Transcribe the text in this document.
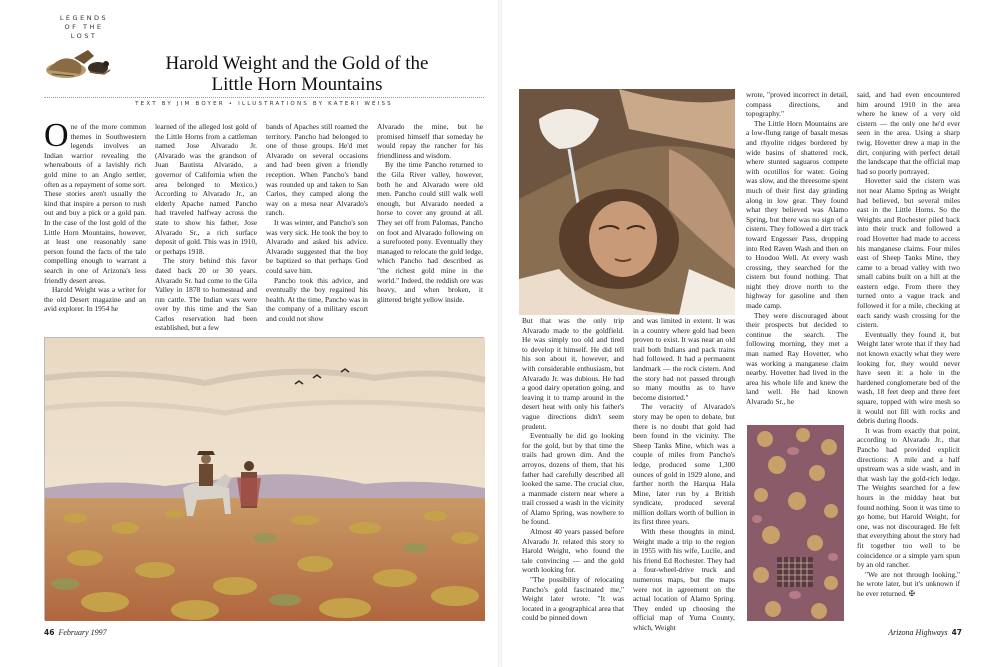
LEGENDS
OF THE
LOST
Harold Weight and the Gold of the Little Horn Mountains
TEXT BY JIM BOYER • ILLUSTRATIONS BY KATERI WEISS

One of the more common themes in Southwestern legends involves an Indian warrior revealing the whereabouts of a lavishly rich gold mine to an Anglo settler, often as a repayment of some sort. These stories aren't usually the kind that inspire a person to rush out and buy a pick or a gold pan. In the case of the lost gold of the Little Horn Mountains, however, at least one reasonably sane person found the facts of the tale compelling enough to warrant a search in one of Arizona's less friendly desert areas.

Harold Weight was a writer for the old Desert magazine and an avid explorer. In 1954 he

learned of the alleged lost gold of the Little Horns from a cattleman named Jose Alvarado Jr. (Alvarado was the grandson of Juan Bautista Alvarado, a governor of California when the area belonged to Mexico.) According to Alvarado Jr., an elderly Apache named Pancho had traveled halfway across the state to show his father, Jose Alvarado Sr., a rich surface deposit of gold. This was in 1910, or perhaps 1918.

The story behind this favor dated back 20 or 30 years. Alvarado Sr. had come to the Gila Valley in 1878 to homestead and run cattle. The Indian wars were over by this time and the San Carlos reservation had been established, but a few

bands of Apaches still roamed the territory. Pancho had belonged to one of those groups. He'd met Alvarado on several occasions and had been given a friendly reception. When Pancho's band was rounded up and taken to San Carlos, they camped along the way on a mesa near Alvarado's ranch.

It was winter, and Pancho's son was very sick. He took the boy to Alvarado and asked his advice. Alvarado suggested that the boy be baptized so that perhaps God could save him.

Pancho took this advice, and eventually the boy regained his health. At the time, Pancho was in the company of a military escort and could not show

Alvarado the mine, but he promised himself that someday he would repay the rancher for his friendliness and wisdom.

By the time Pancho returned to the Gila River valley, however, both he and Alvarado were old men. Pancho could still walk well enough, but Alvarado needed a horse to cover any ground at all. They set off from Palomas, Pancho on foot and Alvarado following on a surefooted pony. Eventually they managed to relocate the gold ledge, which Pancho had described as "the richest gold mine in the world." Indeed, the reddish ore was heavy, and when broken, it glittered bright yellow inside.

46 February 1997

But that was the only trip Alvarado made to the goldfield. He was simply too old and tired to develop it himself. He did tell his son about it, however, and with considerable enthusiasm, but Alvarado Jr. was dubious. He had a good dairy operation going, and leaving it to tramp around in the desert heat with only his father's vague directions didn't seem prudent.

Eventually he did go looking for the gold, but by that time the trails had grown dim. And the arroyos, dozens of them, that his father had carefully described all looked the same. The crucial clue, a manmade cistern near where a trail crossed a wash in the vicinity of Alamo Spring, was nowhere to be found.

Almost 40 years passed before Alvarado Jr. related this story to Harold Weight, who found the tale convincing — and the gold worth looking for.

"The possibility of relocating Pancho's gold fascinated me," Weight later wrote. "It was located in a geographical area that could be pinned down

and was limited in extent. It was in a country where gold had been proven to exist. It was near an old trail both Indians and pack trains had followed. It had a permanent landmark — the rock cistern. And the story had not passed through so many mouths as to have become distorted."

The veracity of Alvarado's story may be open to debate, but there is no doubt that gold had been found in the vicinity. The Sheep Tanks Mine, which was a couple of miles from Pancho's ledge, produced some 1,300 ounces of gold in 1929 alone, and farther north the Harqua Hala Mine, later run by a British syndicate, produced several million dollars worth of bullion in its first three years.

With these thoughts in mind, Weight made a trip to the region in 1955 with his wife, Lucile, and his friend Ed Rochester. They had a four-wheel-drive truck and numerous maps, but the maps were not in agreement on the actual location of Alamo Spring. They ended up choosing the official map of Yuma County, which, Weight

wrote, "proved incorrect in detail, compass directions, and topography."

The Little Horn Mountains are a low-flung range of basalt mesas and rhyolite ridges bordered by wide basins of shattered rock, where stunted saguaros compete with ocotillos for water. Going was slow, and the threesome spent much of their first day grinding along in low gear. They found what they believed was Alamo Spring, but there was no sign of a cistern. They followed a dirt track toward Engesser Pass, dropping into Red Raven Wash and then on to Hoodoo Well. At every wash crossing, they searched for the cistern but found nothing. That night they drove north to the highway for gasoline and then made camp.

They were discouraged about their prospects but decided to continue the search. The following morning, they met a man named Ray Hovetter, who was working a manganese claim nearby. Hovetter had lived in the area his whole life and knew the land well. He had known Alvarado Sr., he

said, and had even encountered him around 1910 in the area where he knew of a very old cistern — the only one he'd ever seen in the area. Using a sharp twig, Hovetter drew a map in the dirt, conjuring with perfect detail the landscape that the official map had so poorly portrayed.

Hovetter said the cistern was not near Alamo Spring as Weight had believed, but several miles east in the Little Horns. So the Weights and Rochester piled back into their truck and followed a road Hovetter had made to access his manganese claims. Four miles east of Sheep Tanks Mine, they came to a broad valley with two small cabins built on a hill at the eastern edge. From there they turned onto a vague track and followed it for a mile, checking at each sandy wash crossing for the cistern.

Eventually they found it, but Weight later wrote that if they had not known exactly what they were looking for, they would never have seen it: a hole in the hardened conglomerate bed of the wash, 18 feet deep and three feet square, topped with wire mesh so it would not fill with rocks and debris during floods.

It was from exactly that point, according to Alvarado Jr., that Pancho had provided explicit directions: A mile and a half upstream was a side wash, and in that wash lay the gold-rich ledge. The Weights searched for a few hours in the midday heat but found nothing. Soon it was time to go home, but Harold Weight, for one, was not discouraged. He felt that everything about the story had fit together too well to be coincidence or a simple yarn spun by an old rancher.

"We are not through looking," he wrote later, but it's unknown if he ever returned. ✠

Arizona Highways 47
